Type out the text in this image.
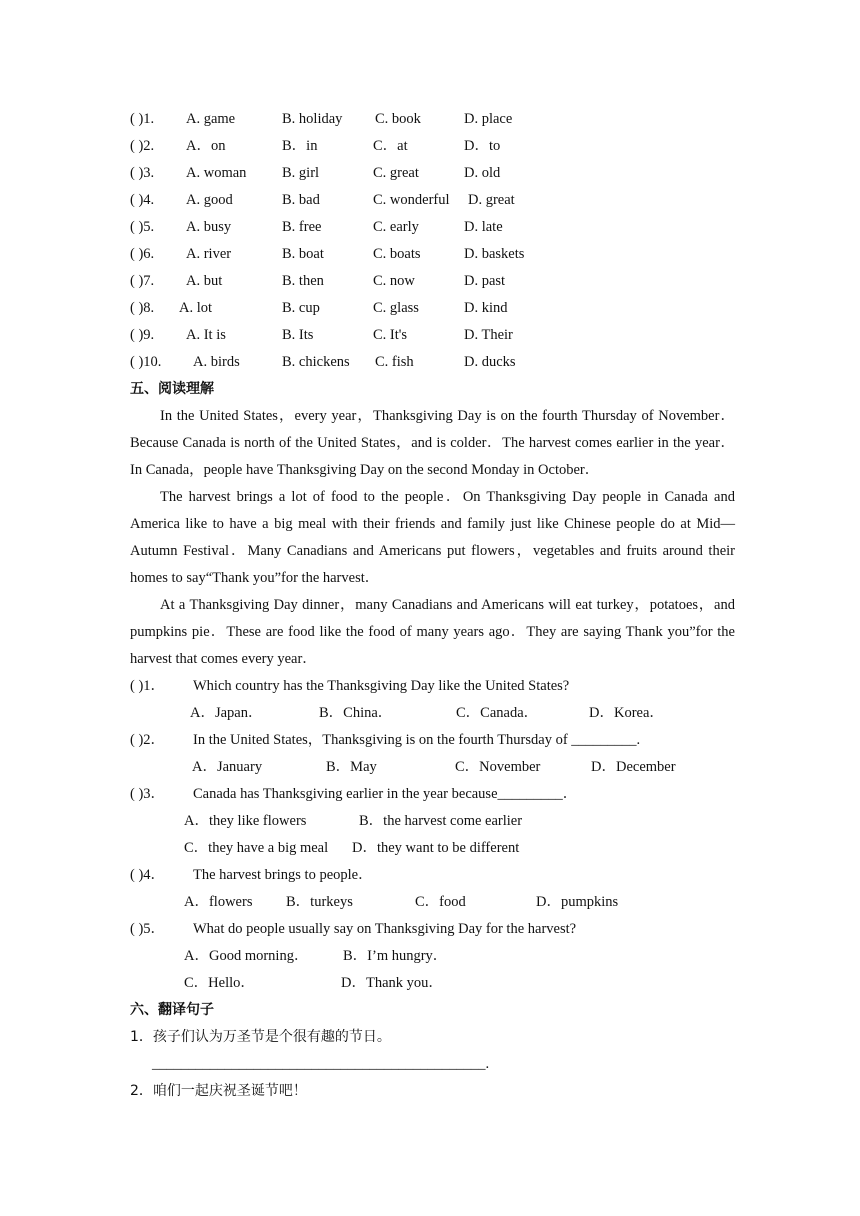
( )1. A. game	B. holiday C. book	D. place
( )2. A．on	B．in	C．at	D．to
( )3. A. woman B. girl	C. great	D. old
( )4. A. good	B. bad	C. wonderful D. great
( )5. A. busy	B. free	C. early	D. late
( )6. A. river	B. boat	C. boats	D. baskets
( )7. A. but	B. then	C. now	D. past
( )8. A. lot	B. cup	C. glass	D. kind
( )9. A. It is	B. Its	C. It's	D. Their
( )10. A. birds	B. chickens C. fish	D. ducks
五、阅读理解

In the United States，every year，Thanksgiving Day is on the fourth Thursday of November．Because Canada is north of the United States，and is colder．The harvest comes earlier in the year．In Canada，people have Thanksgiving Day on the second Monday in October．

The harvest brings a lot of food to the people．On Thanksgiving Day people in Canada and America like to have a big meal with their friends and family just like Chinese people do at Mid—Autumn Festival．Many Canadians and Americans put flowers，vegetables and fruits around their homes to say“Thank you”for the harvest．

At a Thanksgiving Day dinner，many Canadians and Americans will eat turkey，potatoes，and pumpkins pie．These are food like the food of many years ago．They are saying Thank you”for the harvest that comes every year．

( )1． Which country has the Thanksgiving Day like the United States?
A．Japan．	B．China．	C．Canada．	D．Korea．
( )2． In the United States，Thanksgiving is on the fourth Thursday of _________.
A．January	B．May	C．November	D．December
( )3． Canada has Thanksgiving earlier in the year because_________．
A．they like flowers	B．the harvest come earlier
C．they have a big meal D．they want to be different
( )4． The harvest brings to people．
A．flowers B．turkeys	C．food	D．pumpkins
( )5． What do people usually say on Thanksgiving Day for the harvest?
A．Good morning． B．I’m hungry．
C．Hello．	D．Thank you．
六、翻译句子
1．孩子们认为万圣节是个很有趣的节日。
______________________________________________.
2．咱们一起庆祝圣诞节吧！
